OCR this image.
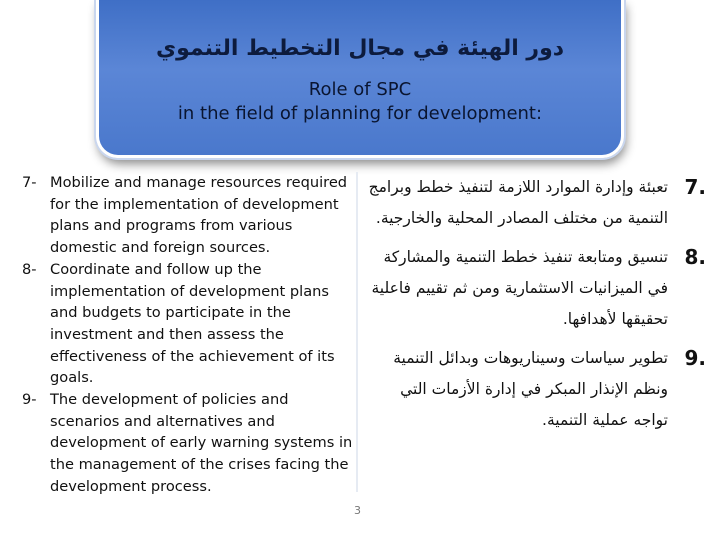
دور الهيئة في مجال التخطيط التنموي
Role of SPC
in the field of planning for development:
7- Mobilize and manage resources required for the implementation of development plans and programs from various domestic and foreign sources.
8- Coordinate and follow up the implementation of development plans and budgets to participate in the investment and then assess the effectiveness of the achievement of its goals.
9- The development of policies and scenarios and alternatives and development of early warning systems in the management of the crises facing the development process.
7.
تعبئة وإدارة الموارد اللازمة لتنفيذ خطط وبرامج التنمية من مختلف المصادر المحلية والخارجية.
8.
تنسيق ومتابعة تنفيذ خطط التنمية والمشاركة في الميزانيات الاستثمارية ومن ثم تقييم فاعلية تحقيقها لأهدافها.
9.
تطوير سياسات وسيناريوهات وبدائل التنمية ونظم الإنذار المبكر في إدارة الأزمات التي تواجه عملية التنمية.
3
